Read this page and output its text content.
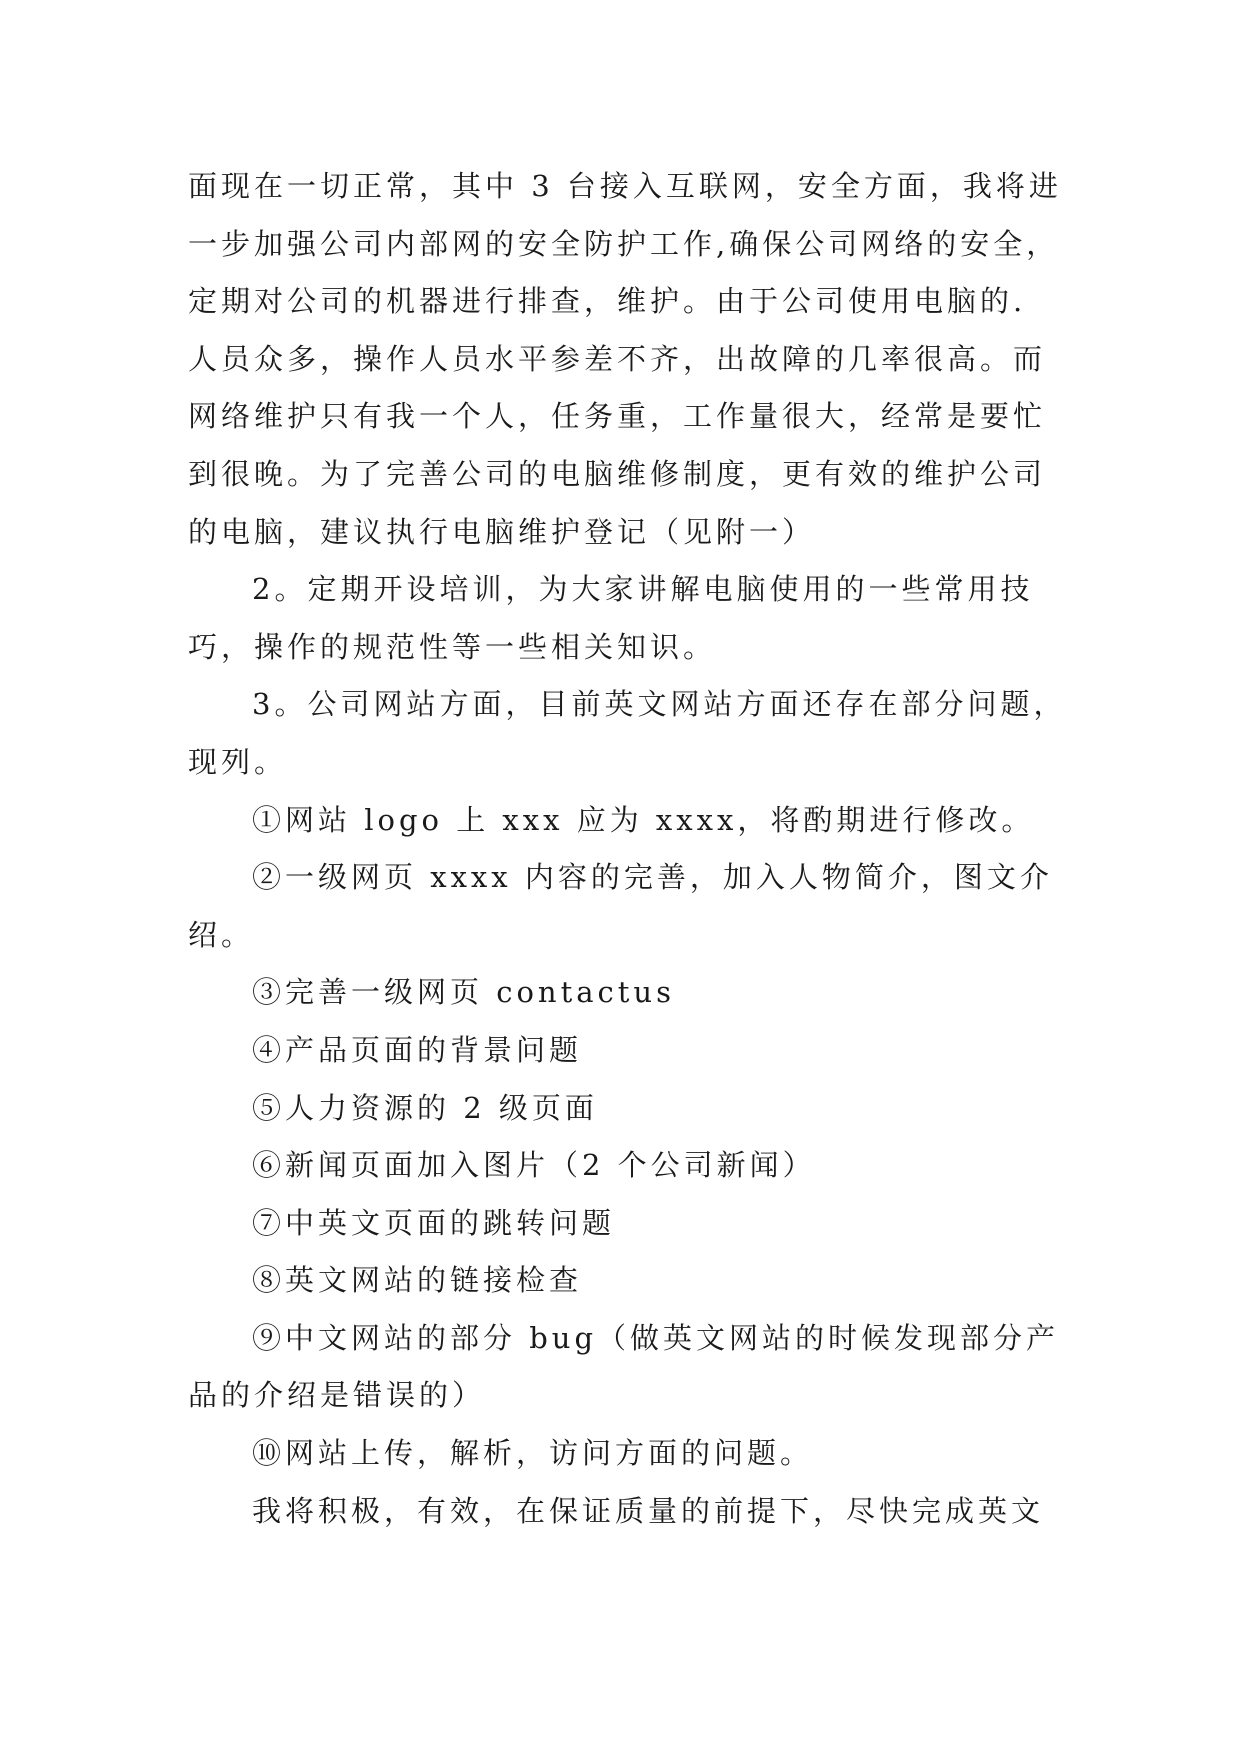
面现在一切正常，其中 3 台接入互联网，安全方面，我将进

一步加强公司内部网的安全防护工作,确保公司网络的安全，

定期对公司的机器进行排查，维护。由于公司使用电脑的.

人员众多，操作人员水平参差不齐，出故障的几率很高。而

网络维护只有我一个人，任务重，工作量很大，经常是要忙

到很晚。为了完善公司的电脑维修制度，更有效的维护公司

的电脑，建议执行电脑维护登记（见附一）

2。定期开设培训，为大家讲解电脑使用的一些常用技

巧，操作的规范性等一些相关知识。

3。公司网站方面，目前英文网站方面还存在部分问题，

现列。

①网站 logo 上 xxx 应为 xxxx，将酌期进行修改。

②一级网页 xxxx 内容的完善，加入人物简介，图文介

绍。

③完善一级网页 contactus

④产品页面的背景问题

⑤人力资源的 2 级页面

⑥新闻页面加入图片（2 个公司新闻）

⑦中英文页面的跳转问题

⑧英文网站的链接检查

⑨中文网站的部分 bug（做英文网站的时候发现部分产

品的介绍是错误的）

⑩网站上传，解析，访问方面的问题。

我将积极，有效，在保证质量的前提下，尽快完成英文
